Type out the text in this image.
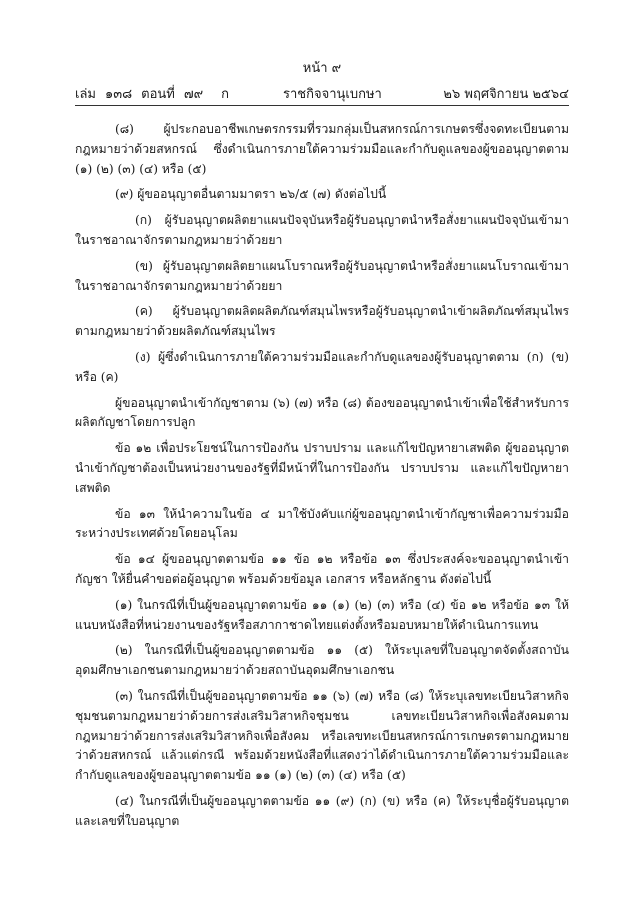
หน้า ๙
เล่ม ๑๓๘ ตอนที่ ๗๙ ก	ราชกิจจานุเบกษา	๒๖ พฤศจิกายน ๒๕๖๔

(๘) ผู้ประกอบอาชีพเกษตรกรรมที่รวมกลุ่มเป็นสหกรณ์การเกษตรซึ่งจดทะเบียนตามกฎหมายว่าด้วยสหกรณ์ ซึ่งดำเนินการภายใต้ความร่วมมือและกำกับดูแลของผู้ขออนุญาตตาม (๑) (๒) (๓) (๔) หรือ (๕)

(๙) ผู้ขออนุญาตอื่นตามมาตรา ๒๖/๕ (๗) ดังต่อไปนี้

(ก) ผู้รับอนุญาตผลิตยาแผนปัจจุบันหรือผู้รับอนุญาตนำหรือสั่งยาแผนปัจจุบันเข้ามาในราชอาณาจักรตามกฎหมายว่าด้วยยา

(ข) ผู้รับอนุญาตผลิตยาแผนโบราณหรือผู้รับอนุญาตนำหรือสั่งยาแผนโบราณเข้ามาในราชอาณาจักรตามกฎหมายว่าด้วยยา

(ค) ผู้รับอนุญาตผลิตผลิตภัณฑ์สมุนไพรหรือผู้รับอนุญาตนำเข้าผลิตภัณฑ์สมุนไพรตามกฎหมายว่าด้วยผลิตภัณฑ์สมุนไพร

(ง) ผู้ซึ่งดำเนินการภายใต้ความร่วมมือและกำกับดูแลของผู้รับอนุญาตตาม (ก) (ข) หรือ (ค)

ผู้ขออนุญาตนำเข้ากัญชาตาม (๖) (๗) หรือ (๘) ต้องขออนุญาตนำเข้าเพื่อใช้สำหรับการผลิตกัญชาโดยการปลูก

ข้อ ๑๒ เพื่อประโยชน์ในการป้องกัน ปราบปราม และแก้ไขปัญหายาเสพติด ผู้ขออนุญาตนำเข้ากัญชาต้องเป็นหน่วยงานของรัฐที่มีหน้าที่ในการป้องกัน ปราบปราม และแก้ไขปัญหายาเสพติด

ข้อ ๑๓ ให้นำความในข้อ ๔ มาใช้บังคับแก่ผู้ขออนุญาตนำเข้ากัญชาเพื่อความร่วมมือระหว่างประเทศด้วยโดยอนุโลม

ข้อ ๑๔ ผู้ขออนุญาตตามข้อ ๑๑ ข้อ ๑๒ หรือข้อ ๑๓ ซึ่งประสงค์จะขออนุญาตนำเข้ากัญชา ให้ยื่นคำขอต่อผู้อนุญาต พร้อมด้วยข้อมูล เอกสาร หรือหลักฐาน ดังต่อไปนี้

(๑) ในกรณีที่เป็นผู้ขออนุญาตตามข้อ ๑๑ (๑) (๒) (๓) หรือ (๔) ข้อ ๑๒ หรือข้อ ๑๓ ให้แนบหนังสือที่หน่วยงานของรัฐหรือสภากาชาดไทยแต่งตั้งหรือมอบหมายให้ดำเนินการแทน

(๒) ในกรณีที่เป็นผู้ขออนุญาตตามข้อ ๑๑ (๕) ให้ระบุเลขที่ใบอนุญาตจัดตั้งสถาบันอุดมศึกษาเอกชนตามกฎหมายว่าด้วยสถาบันอุดมศึกษาเอกชน

(๓) ในกรณีที่เป็นผู้ขออนุญาตตามข้อ ๑๑ (๖) (๗) หรือ (๘) ให้ระบุเลขทะเบียนวิสาหกิจชุมชนตามกฎหมายว่าด้วยการส่งเสริมวิสาหกิจชุมชน เลขทะเบียนวิสาหกิจเพื่อสังคมตามกฎหมายว่าด้วยการส่งเสริมวิสาหกิจเพื่อสังคม หรือเลขทะเบียนสหกรณ์การเกษตรตามกฎหมายว่าด้วยสหกรณ์ แล้วแต่กรณี พร้อมด้วยหนังสือที่แสดงว่าได้ดำเนินการภายใต้ความร่วมมือและกำกับดูแลของผู้ขออนุญาตตามข้อ ๑๑ (๑) (๒) (๓) (๔) หรือ (๕)

(๔) ในกรณีที่เป็นผู้ขออนุญาตตามข้อ ๑๑ (๙) (ก) (ข) หรือ (ค) ให้ระบุชื่อผู้รับอนุญาตและเลขที่ใบอนุญาต
